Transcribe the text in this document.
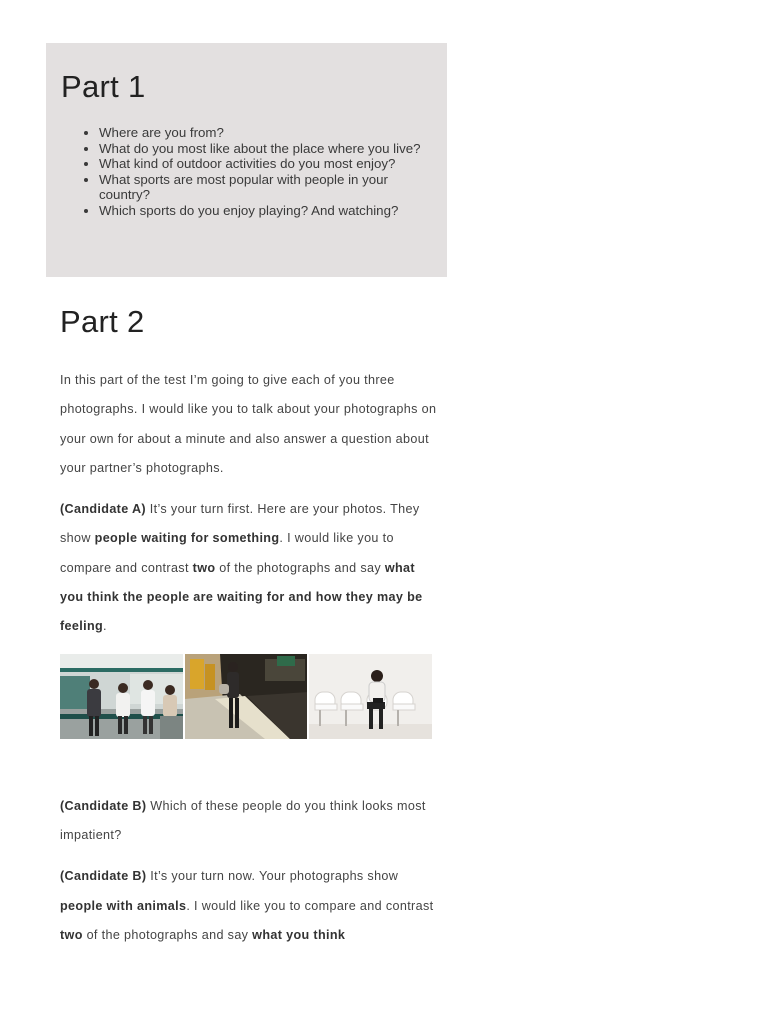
Part 1
• Where are you from?
• What do you most like about the place where you live?
• What kind of outdoor activities do you most enjoy?
• What sports are most popular with people in your country?
• Which sports do you enjoy playing? And watching?
Part 2

In this part of the test I’m going to give each of you three photographs. I would like you to talk about your photographs on your own for about a minute and also answer a question about your partner’s photographs.

(Candidate A) It’s your turn first. Here are your photos. They show people waiting for something. I would like you to compare and contrast two of the photographs and say what you think the people are waiting for and how they may be feeling.

(Candidate B) Which of these people do you think looks most impatient?

(Candidate B) It’s your turn now. Your photographs show people with animals. I would like you to compare and contrast two of the photographs and say what you think
